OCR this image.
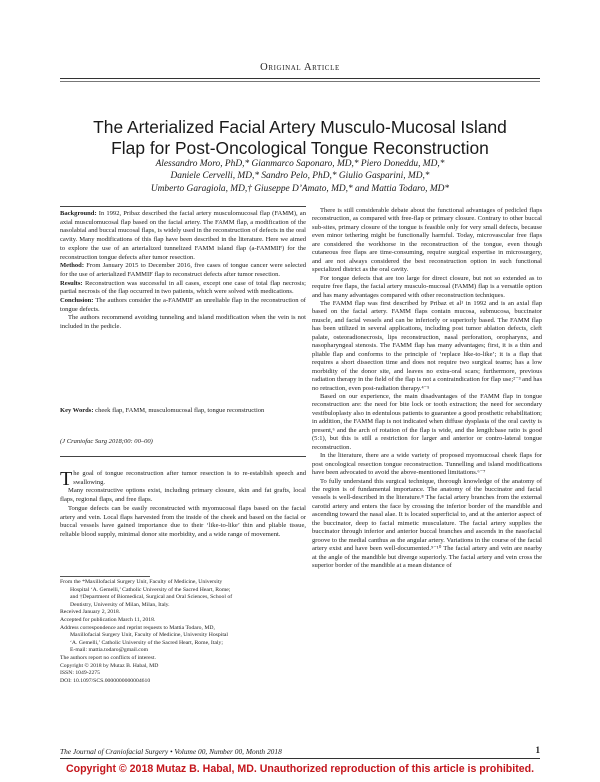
Original Article
The Arterialized Facial Artery Musculo-Mucosal Island
Flap for Post-Oncological Tongue Reconstruction
Alessandro Moro, PhD,* Gianmarco Saponaro, MD,* Piero Doneddu, MD,*
Daniele Cervelli, MD,* Sandro Pelo, PhD,* Giulio Gasparini, MD,*
Umberto Garagiola, MD,† Giuseppe D’Amato, MD,* and Mattia Todaro, MD*

Background: In 1992, Pribaz described the facial artery musculomucosal flap (FAMM), an axial musculomucosal flap based on the facial artery. The FAMM flap, a modification of the nasolabial and buccal mucosal flaps, is widely used in the reconstruction of defects in the oral cavity. Many modifications of this flap have been described in the literature. Here we aimed to explore the use of an arterialized tunnelized FAMM island flap (a-FAMMIF) for the reconstruction tongue defects after tumor resection.

Method: From January 2015 to December 2016, five cases of tongue cancer were selected for the use of arterialized FAMMIF flap to reconstruct defects after tumor resection.

Results: Reconstruction was successful in all cases, except one case of total flap necrosis; partial necrosis of the flap occurred in two patients, which were solved with medications.

Conclusion: The authors consider the a-FAMMIF an unreliable flap in the reconstruction of tongue defects.

The authors recommend avoiding tunneling and island modification when the vein is not included in the pedicle.

Key Words: cheek flap, FAMM, musculomucosal flap, tongue reconstruction
(J Craniofac Surg 2018;00: 00–00)

The goal of tongue reconstruction after tumor resection is to re-establish speech and swallowing.

Many reconstructive options exist, including primary closure, skin and fat grafts, local flaps, regional flaps, and free flaps.

Tongue defects can be easily reconstructed with myomucosal flaps based on the facial artery and vein. Local flaps harvested from the inside of the cheek and based on the facial or buccal vessels have gained importance due to their ‘like-to-like’ thin and pliable tissue, reliable blood supply, minimal donor site morbidity, and a wide range of movement.

From the *Maxillofacial Surgery Unit, Faculty of Medicine, University

Hospital ‘A. Gemelli,’ Catholic University of the Sacred Heart, Rome;

and †Department of Biomedical, Surgical and Oral Sciences, School of

Dentistry, University of Milan, Milan, Italy.

Received January 2, 2018.

Accepted for publication March 11, 2018.

Address correspondence and reprint requests to Mattia Todaro, MD,

Maxillofacial Surgery Unit, Faculty of Medicine, University Hospital

‘A. Gemelli,’ Catholic University of the Sacred Heart, Rome, Italy;

E-mail: mattia.todaro@gmail.com

The authors report no conflicts of interest.

Copyright © 2018 by Mutaz B. Habal, MD

ISSN: 1049-2275

DOI: 10.1097/SCS.0000000000004610

There is still considerable debate about the functional advantages of pedicled flaps reconstruction, as compared with free-flap or primary closure. Contrary to other buccal sub-sites, primary closure of the tongue is feasible only for very small defects, because even minor tethering might be functionally harmful. Today, microvascular free flaps are considered the workhorse in the reconstruction of the tongue, even though cutaneous free flaps are time-consuming, require surgical expertise in microsurgery, and are not always considered the best reconstruction option in such functional specialized district as the oral cavity.

For tongue defects that are too large for direct closure, but not so extended as to require free flaps, the facial artery musculo-mucosal (FAMM) flap is a versatile option and has many advantages compared with other reconstruction techniques.

The FAMM flap was first described by Pribaz et al¹ in 1992 and is an axial flap based on the facial artery. FAMM flaps contain mucosa, submucosa, buccinator muscle, and facial vessels and can be inferiorly or superiorly based. The FAMM flap has been utilized in several applications, including post tumor ablation defects, cleft palate, osteoradionecrosis, lips reconstruction, nasal perforation, oropharynx, and nasopharyngeal stenosis. The FAMM flap has many advantages; first, it is a thin and pliable flap and conforms to the principle of ‘replace like-to-like’; it is a flap that requires a short dissection time and does not require two surgical teams; has a low morbidity of the donor site, and leaves no extra-oral scars; furthermore, previous radiation therapy in the field of the flap is not a contraindication for flap use;²⁻³ and has no retraction, even post-radiation therapy.⁴⁻⁵

Based on our experience, the main disadvantages of the FAMM flap in tongue reconstruction are: the need for bite lock or tooth extraction; the need for secondary vestibuloplasty also in edentulous patients to guarantee a good prosthetic rehabilitation; in addition, the FAMM flap is not indicated when diffuse dysplasia of the oral cavity is present,⁶ and the arch of rotation of the flap is wide, and the length:base ratio is good (5:1), but this is still a restriction for larger and anterior or contro-lateral tongue reconstruction.

In the literature, there are a wide variety of proposed myomucosal cheek flaps for post oncological resection tongue reconstruction. Tunnelling and island modifications have been advocated to avoid the above-mentioned limitations.⁶⁻⁷

To fully understand this surgical technique, thorough knowledge of the anatomy of the region is of fundamental importance. The anatomy of the buccinator and facial vessels is well-described in the literature.⁸ The facial artery branches from the external carotid artery and enters the face by crossing the inferior border of the mandible and ascending toward the nasal alae. It is located superficial to, and at the anterior aspect of the buccinator, deep to facial mimetic musculature. The facial artery supplies the buccinator through inferior and anterior buccal branches and ascends in the nasofacial groove to the medial canthus as the angular artery. Variations in the course of the facial artery exist and have been well-documented.⁹⁻¹⁰ The facial artery and vein are nearby at the angle of the mandible but diverge superiorly. The facial artery and vein cross the superior border of the mandible at a mean distance of

The Journal of Craniofacial Surgery • Volume 00, Number 00, Month 2018	1
Copyright © 2018 Mutaz B. Habal, MD. Unauthorized reproduction of this article is prohibited.
